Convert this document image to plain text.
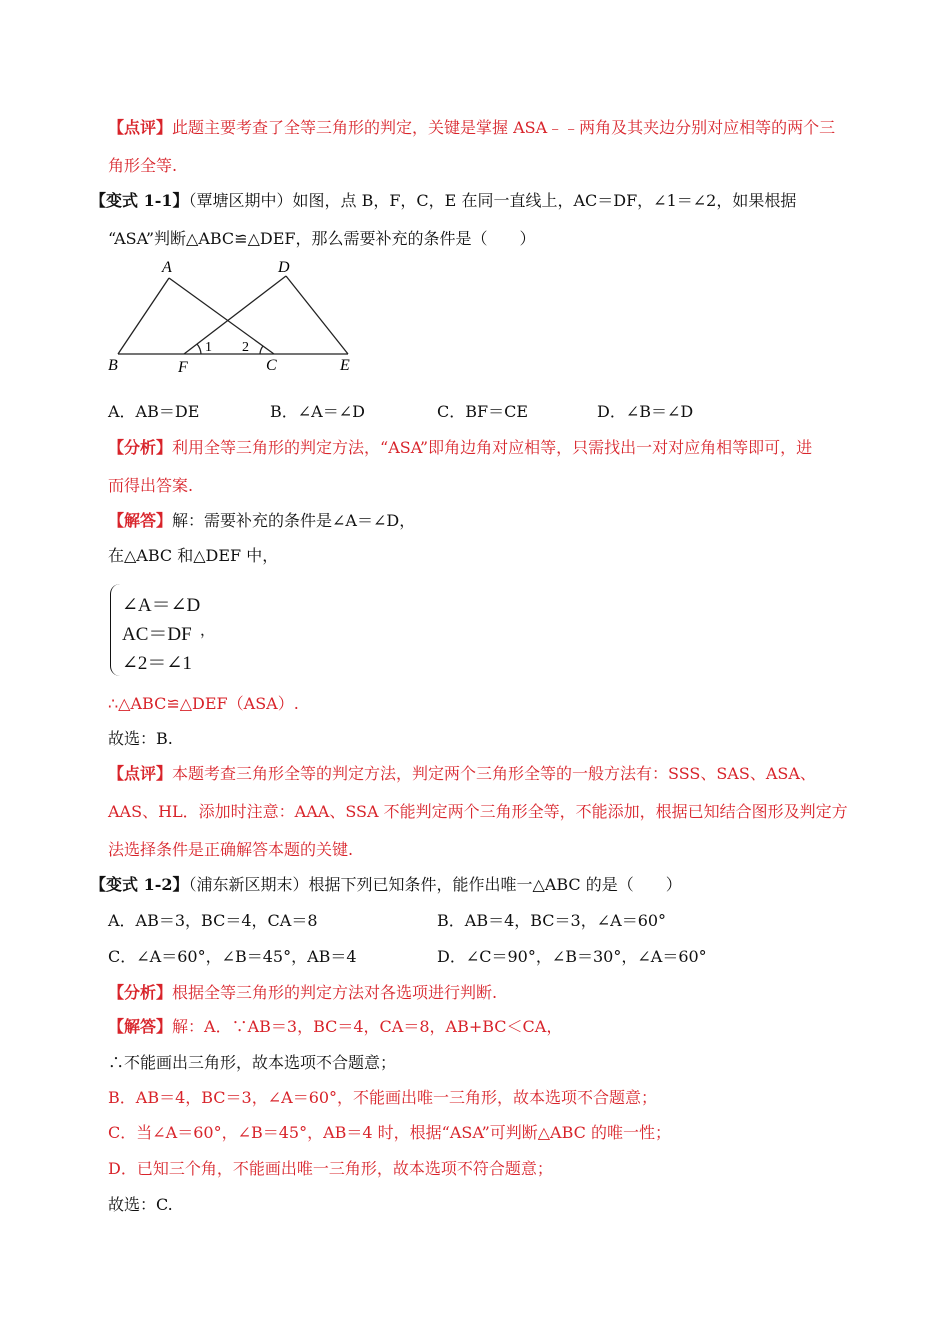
【点评】此题主要考查了全等三角形的判定，关键是掌握 ASA﹣﹣两角及其夹边分别对应相等的两个三
角形全等.
【变式 1-1】（覃塘区期中）如图，点 B，F，C，E 在同一直线上，AC＝DF，∠1＝∠2，如果根据
“ASA”判断△ABC≌△DEF，那么需要补充的条件是（　　）
A	D
B	F	C	E
1 2
A．AB＝DE	B．∠A＝∠D	C．BF＝CE	D．∠B＝∠D
【分析】利用全等三角形的判定方法，“ASA”即角边角对应相等，只需找出一对对应角相等即可，进
而得出答案.
【解答】解：需要补充的条件是∠A＝∠D，
在△ABC 和△DEF 中，
∠A＝∠D
AC＝DF ，
∠2＝∠1
∴△ABC≌△DEF（ASA）.
故选：B.
【点评】本题考查三角形全等的判定方法，判定两个三角形全等的一般方法有：SSS、SAS、ASA、
AAS、HL．添加时注意：AAA、SSA 不能判定两个三角形全等，不能添加，根据已知结合图形及判定方
法选择条件是正确解答本题的关键.
【变式 1-2】（浦东新区期末）根据下列已知条件，能作出唯一△ABC 的是（　　）
A．AB＝3，BC＝4，CA＝8	B．AB＝4，BC＝3，∠A＝60°
C．∠A＝60°，∠B＝45°，AB＝4	D．∠C＝90°，∠B＝30°，∠A＝60°
【分析】根据全等三角形的判定方法对各选项进行判断.
【解答】解：A．∵AB＝3，BC＝4，CA＝8，AB+BC＜CA，
∴不能画出三角形，故本选项不合题意；
B．AB＝4，BC＝3，∠A＝60°，不能画出唯一三角形，故本选项不合题意；
C．当∠A＝60°，∠B＝45°，AB＝4 时，根据“ASA”可判断△ABC 的唯一性；
D．已知三个角，不能画出唯一三角形，故本选项不符合题意；
故选：C.
